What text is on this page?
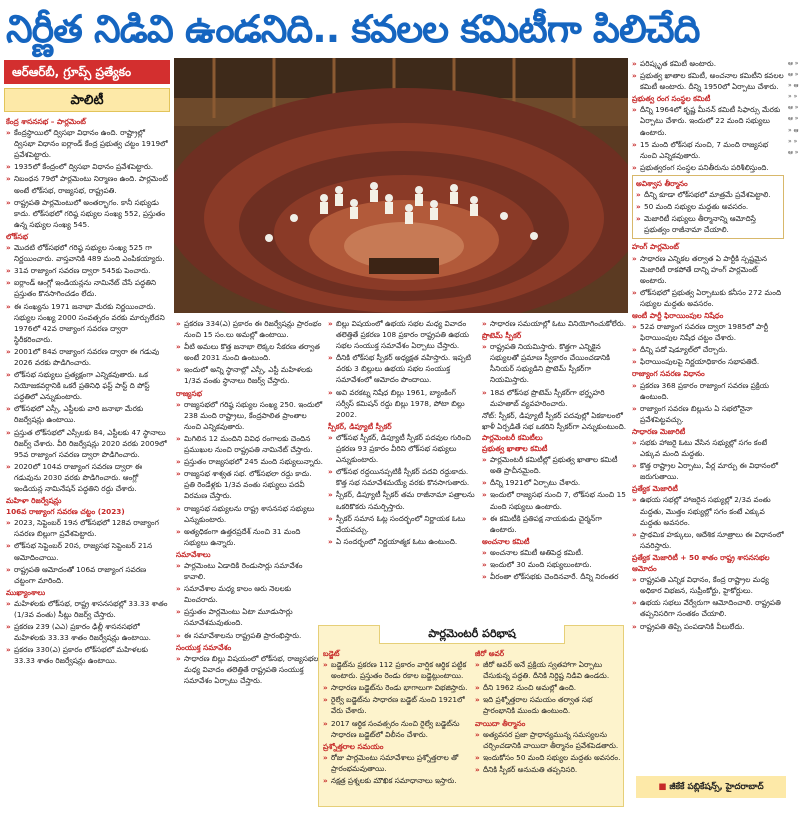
నిర్ణీత నిడివి ఉండనిది.. కవలల కమిటీగా పిలిచేది
ఆర్ఆర్‌బీ, గ్రూప్స్ ప్రత్యేకం
పాలిటీ
కేంద్ర శాసనసభ – పార్లమెంట్

» కేంద్రస్థాయిలో ద్విసభా విధానం ఉంది. రాష్ట్రాల్లో ద్విసభా విధానం ఐర్లాండ్ కేంద్ర ప్రభుత్వ చట్టం 1919లో ప్రవేశపెట్టారు.

» 1935లో కేంద్రంలో ద్విసభా విధానం ప్రవేశపెట్టారు.

» నిబంధన 79లో పార్లమెంటు నిర్మాణం ఉంది. పార్లమెంట్ అంటే లోక్‌సభ, రాజ్యసభ, రాష్ట్రపతి.

» రాష్ట్రపతి పార్లమెంటులో అంతర్భాగం. కానీ సభ్యుడు కాదు. లోక్‌సభలో గరిష్ఠ సభ్యుల సంఖ్య 552, ప్రస్తుతం ఉన్న సభ్యుల సంఖ్య 545.

లోక్‌సభ

» మొదటి లోక్‌సభలో గరిష్ఠ సభ్యుల సంఖ్య 525 గా నిర్ణయించారు. వాస్తవానికి 489 మంది ఎంపికయ్యారు.

» 31వ రాజ్యాంగ సవరణ ద్వారా 545కు పెంచారు.

» ఐర్లాండ్ ఆంగ్లో ఇండియన్లను నామినేట్ చేసే పద్ధతిని ప్రస్తుతం కొనసాగించడం లేదు.

» ఈ సంఖ్యను 1971 జనాభా మేరకు నిర్ణయించారు. సభ్యుల సంఖ్య 2000 సంవత్సరం వరకు మార్పులేదని 1976లో 42వ రాజ్యాంగ సవరణ ద్వారా స్థిరీకరించారు.

» 2001లో 84వ రాజ్యాంగ సవరణ ద్వారా ఈ గడువు 2026 వరకు పొడిగించారు.

» లోక్‌సభ సభ్యులు ప్రత్యక్షంగా ఎన్నికవుతారు. ఒక నియోజకవర్గానికి ఒకరే ప్రతినిధి ఫస్ట్ పాస్ట్ ది పోస్ట్ పద్ధతిలో ఎన్నుకుంటారు.

» లోక్‌సభలో ఎస్సీ, ఎస్టీలకు వారి జనాభా మేరకు రిజర్వేషన్లు ఉంటాయి.

» ప్రస్తుత లోక్‌సభలో ఎస్సీలకు 84, ఎస్టీలకు 47 స్థానాలు రిజర్వ్ చేశారు. వీరి రిజర్వేషన్లు 2020 వరకు 2009లో 95వ రాజ్యాంగ సవరణ ద్వారా పొడిగించారు.

» 2020లో 104వ రాజ్యాంగ సవరణ ద్వారా ఈ గడువును 2030 వరకు పొడిగించారు. ఆంగ్లో ఇండియన్ల నామినేషన్ పద్ధతిని రద్దు చేశారు.

మహిళా రిజర్వేషన్లు
106వ రాజ్యాంగ సవరణ చట్టం (2023)

» 2023, సెప్టెంబర్ 19న లోక్‌సభలో 128వ రాజ్యాంగ సవరణ బిల్లుగా ప్రవేశపెట్టారు.

» లోక్‌సభ సెప్టెంబర్ 20న, రాజ్యసభ సెప్టెంబర్ 21న ఆమోదించాయి.

» రాష్ట్రపతి ఆమోదంతో 106వ రాజ్యాంగ సవరణ చట్టంగా మారింది.

ముఖ్యాంశాలు

» మహిళలకు లోక్‌సభ, రాష్ట్ర శాసనసభల్లో 33.33 శాతం (1/3వ వంతు) సీట్లు రిజర్వ్ చేస్తారు.

» ప్రకరణ 239 (ఎఎ) ప్రకారం ఢిల్లీ శాసనసభలో మహిళలకు 33.33 శాతం రిజర్వేషన్లు ఉంటాయి.

» ప్రకరణ 330(ఎ) ప్రకారం లోక్‌సభలో మహిళలకు 33.33 శాతం రిజర్వేషన్లు ఉంటాయి.

» ప్రకరణ 334(ఎ) ప్రకారం ఈ రిజర్వేషన్లు ప్రారంభం నుంచి 15 సం.లు అమల్లో ఉంటాయి.

» వీటి అమలు కొత్త జనాభా లెక్కల సేకరణ తర్వాత అంటే 2031 నుంచి ఉంటుంది.

» ఇందులో అన్ని స్థానాల్లో ఎస్సీ, ఎస్టీ మహిళలకు 1/3వ వంతు స్థానాలు రిజర్వ్ చేస్తారు.

రాజ్యసభ

» రాజ్యసభలో గరిష్ఠ సభ్యుల సంఖ్య 250. ఇందులో 238 మంది రాష్ట్రాలు, కేంద్రపాలిత ప్రాంతాల నుంచి ఎన్నికవుతారు.

» మిగిలిన 12 మందిని వివిధ రంగాలకు చెందిన ప్రముఖుల నుంచి రాష్ట్రపతి నామినేట్ చేస్తారు.

» ప్రస్తుతం రాజ్యసభలో 245 మంది సభ్యులున్నారు.

» రాజ్యసభ శాశ్వత సభ. లోక్‌సభలా రద్దు కాదు. ప్రతి రెండేళ్లకు 1/3వ వంతు సభ్యులు పదవీ విరమణ చేస్తారు.

» రాజ్యసభ సభ్యులను రాష్ట్ర శాసనసభ సభ్యులు ఎన్నుకుంటారు.

» అత్యధికంగా ఉత్తరప్రదేశ్ నుంచి 31 మంది సభ్యులు ఉన్నారు.

సమావేశాలు

» పార్లమెంటు ఏడాదికి రెండుసార్లు సమావేశం కావాలి.

» సమావేశాల మధ్య కాలం ఆరు నెలలకు మించరాదు.

» ప్రస్తుతం పార్లమెంటు ఏటా మూడుసార్లు సమావేశమవుతుంది.

» ఈ సమావేశాలను రాష్ట్రపతి ప్రారంభిస్తారు.

సంయుక్త సమావేశం

» సాధారణ బిల్లు విషయంలో లోక్‌సభ, రాజ్యసభల మధ్య వివాదం తలెత్తితే రాష్ట్రపతి సంయుక్త సమావేశం ఏర్పాటు చేస్తారు.

» బిల్లు విషయంలో ఉభయ సభల మధ్య వివాదం తలెత్తితే ప్రకరణ 108 ప్రకారం రాష్ట్రపతి ఉభయ సభల సంయుక్త సమావేశం ఏర్పాటు చేస్తారు.

» దీనికి లోక్‌సభ స్పీకర్ అధ్యక్షత వహిస్తారు. ఇప్పటి వరకు 3 బిల్లులు ఉభయ సభల సంయుక్త సమావేశంలో ఆమోదం పొందాయి.

» అవి వరకట్న నిషేధ బిల్లు 1961, బ్యాంకింగ్ సర్వీస్ కమిషన్ రద్దు బిల్లు 1978, పోటా బిల్లు 2002.

స్పీకర్, డిప్యూటీ స్పీకర్

» లోక్‌సభ స్పీకర్, డిప్యూటీ స్పీకర్ పదవుల గురించి ప్రకరణ 93 ప్రకారం వీరిని లోక్‌సభ సభ్యులు ఎన్నుకుంటారు.

» లోక్‌సభ రద్దయినప్పటికీ స్పీకర్ పదవి రద్దుకాదు. కొత్త సభ సమావేశమయ్యే వరకు కొనసాగుతారు.

» స్పీకర్, డిప్యూటీ స్పీకర్ తమ రాజీనామా పత్రాలను ఒకరికొకరు సమర్పిస్తారు.

» స్పీకర్ సమాన ఓట్ల సందర్భంలో నిర్ణాయక ఓటు వేయవచ్చు.

» ఏ సందర్భంలో నిర్ణయాత్మక ఓటు ఉంటుంది.

» సాధారణ సమయాల్లో ఓటు వినియోగించుకోలేరు.

ప్రొటెమ్ స్పీకర్

» రాష్ట్రపతి నియమిస్తారు. కొత్తగా ఎన్నికైన సభ్యులతో ప్రమాణ స్వీకారం చేయించడానికి సీనియర్ సభ్యుడిని ప్రొటెమ్ స్పీకర్‌గా నియమిస్తారు.

» 18వ లోక్‌సభ ప్రొటెమ్ స్పీకర్‌గా భర్తృహరి మహతాబ్ వ్యవహరించారు.

నోట్: స్పీకర్, డిప్యూటీ స్పీకర్ పదవుల్లో ఏకకాలంలో ఖాళీ ఏర్పడితే సభ ఒకరిని స్పీకర్‌గా ఎన్నుకుంటుంది.
పార్లమెంటరీ కమిటీలు
ప్రభుత్వ ఖాతాల కమిటీ

» పార్లమెంటరీ కమిటీల్లో ప్రభుత్వ ఖాతాల కమిటీ అతి ప్రాచీనమైంది.

» దీన్ని 1921లో ఏర్పాటు చేశారు.

» ఇందులో రాజ్యసభ నుంచి 7, లోక్‌సభ నుంచి 15 మంది సభ్యులు ఉంటారు.

» ఈ కమిటీకి ప్రతిపక్ష నాయకుడు చైర్మన్‌గా ఉంటారు.

అంచనాల కమిటీ

» అంచనాల కమిటీ అతిపెద్ద కమిటీ.

» ఇందులో 30 మంది సభ్యులుంటారు.

» వీరంతా లోక్‌సభకు చెందినవారే. దీన్ని నిరంతర

పార్లమెంటరీ పరిభాష
బడ్జెట్

» బడ్జెట్‌ను ప్రకరణ 112 ప్రకారం వార్షిక ఆర్థిక పట్టిక అంటారు. ప్రస్తుతం రెండు రకాల బడ్జెట్లుంటాయి.

» సాధారణ బడ్జెట్‌ను రెండు భాగాలుగా విభజిస్తారు.

» రైల్వే బడ్జెట్‌ను సాధారణ బడ్జెట్ నుంచి 1921లో వేరు చేశారు.

» 2017 ఆర్థిక సంవత్సరం నుంచి రైల్వే బడ్జెట్‌ను సాధారణ బడ్జెట్‌లో విలీనం చేశారు.

ప్రశ్నోత్తరాల సమయం

» రోజు పార్లమెంటు సమావేశాలు ప్రశ్నోత్తరాల తో ప్రారంభమవుతాయి.

» నక్షత్ర ప్రశ్నలకు మౌఖిక సమాధానాలు ఇస్తారు.

జీరో అవర్

» జీరో అవర్ అనే ప్రక్రియ స్వతహాగా ఏర్పాటు చేసుకున్న పద్ధతి. దీనికి నిర్దిష్ట నిడివి ఉండదు.

» దీని 1962 నుంచి అమల్లో ఉంది.

» ఇది ప్రశ్నోత్తరాల సమయం తర్వాత సభ ప్రారంభానికి ముందు ఉంటుంది.

వాయిదా తీర్మానం

» అత్యవసర ప్రజా ప్రాధాన్యమున్న సమస్యలను చర్చించడానికి వాయిదా తీర్మానం ప్రవేశపెడతారు.

» ఇందుకోసం 50 మంది సభ్యుల మద్దతు అవసరం.

» దీనికి స్పీకర్ అనుమతి తప్పనిసరి.

» పరిష్కృత కమిటీ అంటారు.

» ప్రభుత్వ ఖాతాల కమిటీ, అంచనాల కమిటీని కవలల కమిటీ అంటారు. దీన్ని 1950లో ఏర్పాటు చేశారు.

ప్రభుత్వ రంగ సంస్థల కమిటీ

» దీన్ని 1964లో కృష్ణ మీనన్ కమిటీ సిఫార్సు మేరకు ఏర్పాటు చేశారు. ఇందులో 22 మంది సభ్యులు ఉంటారు.

» 15 మంది లోక్‌సభ నుంచి, 7 మంది రాజ్యసభ నుంచి ఎన్నికవుతారు.

» ప్రభుత్వరంగ సంస్థల పనితీరును పరిశీలిస్తుంది.

అవిశ్వాస తీర్మానం

» దీన్ని కూడా లోక్‌సభలో మాత్రమే ప్రవేశపెట్టాలి.

» 50 మంది సభ్యుల మద్దతు అవసరం.

» మెజారిటీ సభ్యులు తీర్మానాన్ని ఆమోదిస్తే ప్రభుత్వం రాజీనామా చేయాలి.

హంగ్ పార్లమెంట్

» సాధారణ ఎన్నికల తర్వాత ఏ పార్టీకి స్పష్టమైన మెజారిటీ రాకపోతే దాన్ని హంగ్ పార్లమెంట్ అంటారు.

» లోక్‌సభలో ప్రభుత్వ ఏర్పాటుకు కనీసం 272 మంది సభ్యుల మద్దతు అవసరం.

ఆంటీ పార్టీ ఫిరాయింపుల నిషేధం

» 52వ రాజ్యాంగ సవరణ ద్వారా 1985లో పార్టీ ఫిరాయింపుల నిషేధ చట్టం చేశారు.

» దీన్ని పదో షెడ్యూల్‌లో చేర్చారు.

» ఫిరాయింపులపై నిర్ణయాధికారం సభాపతిదే.

రాజ్యాంగ సవరణ విధానం

» ప్రకరణ 368 ప్రకారం రాజ్యాంగ సవరణ ప్రక్రియ ఉంటుంది.

» రాజ్యాంగ సవరణ బిల్లును ఏ సభలోనైనా ప్రవేశపెట్టవచ్చు.

సాధారణ మెజారిటీ

» సభకు హాజరై ఓటు వేసిన సభ్యుల్లో సగం కంటే ఎక్కువ మంది మద్దతు.

» కొత్త రాష్ట్రాల ఏర్పాటు, పేర్ల మార్పు ఈ విధానంలో జరుగుతాయి.

ప్రత్యేక మెజారిటీ

» ఉభయ సభల్లో హాజరైన సభ్యుల్లో 2/3వ వంతు మద్దతు, మొత్తం సభ్యుల్లో సగం కంటే ఎక్కువ మద్దతు అవసరం.

» ప్రాథమిక హక్కులు, ఆదేశిక సూత్రాలు ఈ విధానంలో సవరిస్తారు.

ప్రత్యేక మెజారిటీ + 50 శాతం రాష్ట్ర శాసనసభల ఆమోదం

» రాష్ట్రపతి ఎన్నిక విధానం, కేంద్ర రాష్ట్రాల మధ్య అధికార విభజన, సుప్రీంకోర్టు, హైకోర్టులు.

» ఉభయ సభలు వేర్వేరుగా ఆమోదించాలి. రాష్ట్రపతి తప్పనిసరిగా సంతకం చేయాలి.

» రాష్ట్రపతి తిప్పి పంపడానికి వీలులేదు.

■ జీకేకే పబ్లికేషన్స్, హైదరాబాద్
ఆ » ఆ » » ఆ » » ఆ » ఆ » » ఆ » » ఆ »
